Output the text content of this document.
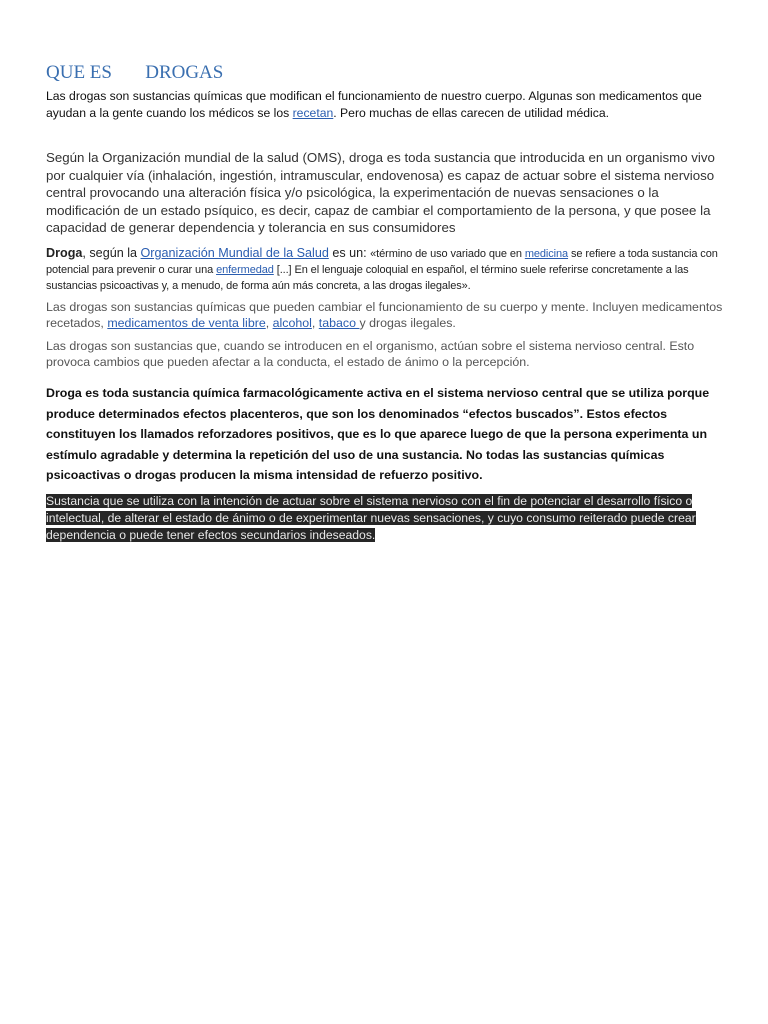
QUE ES       DROGAS

Las drogas son sustancias químicas que modifican el funcionamiento de nuestro cuerpo. Algunas son medicamentos que ayudan a la gente cuando los médicos se los recetan. Pero muchas de ellas carecen de utilidad médica.

Según la Organización mundial de la salud (OMS), droga es toda sustancia que introducida en un organismo vivo por cualquier vía (inhalación, ingestión, intramuscular, endovenosa) es capaz de actuar sobre el sistema nervioso central provocando una alteración física y/o psicológica, la experimentación de nuevas sensaciones o la modificación de un estado psíquico, es decir, capaz de cambiar el comportamiento de la persona, y que posee la capacidad de generar dependencia y tolerancia en sus consumidores

Droga, según la Organización Mundial de la Salud es un: «término de uso variado que en medicina se refiere a toda sustancia con potencial para prevenir o curar una enfermedad [...] En el lenguaje coloquial en español, el término suele referirse concretamente a las sustancias psicoactivas y, a menudo, de forma aún más concreta, a las drogas ilegales».

Las drogas son sustancias químicas que pueden cambiar el funcionamiento de su cuerpo y mente. Incluyen medicamentos recetados, medicamentos de venta libre, alcohol, tabaco y drogas ilegales.

Las drogas son sustancias que, cuando se introducen en el organismo, actúan sobre el sistema nervioso central. Esto provoca cambios que pueden afectar a la conducta, el estado de ánimo o la percepción.

Droga es toda sustancia química farmacológicamente activa en el sistema nervioso central que se utiliza porque produce determinados efectos placenteros, que son los denominados “efectos buscados”. Estos efectos constituyen los llamados reforzadores positivos, que es lo que aparece luego de que la persona experimenta un estímulo agradable y determina la repetición del uso de una sustancia. No todas las sustancias químicas psicoactivas o drogas producen la misma intensidad de refuerzo positivo.

Sustancia que se utiliza con la intención de actuar sobre el sistema nervioso con el fin de potenciar el desarrollo físico o intelectual, de alterar el estado de ánimo o de experimentar nuevas sensaciones, y cuyo consumo reiterado puede crear dependencia o puede tener efectos secundarios indeseados.
